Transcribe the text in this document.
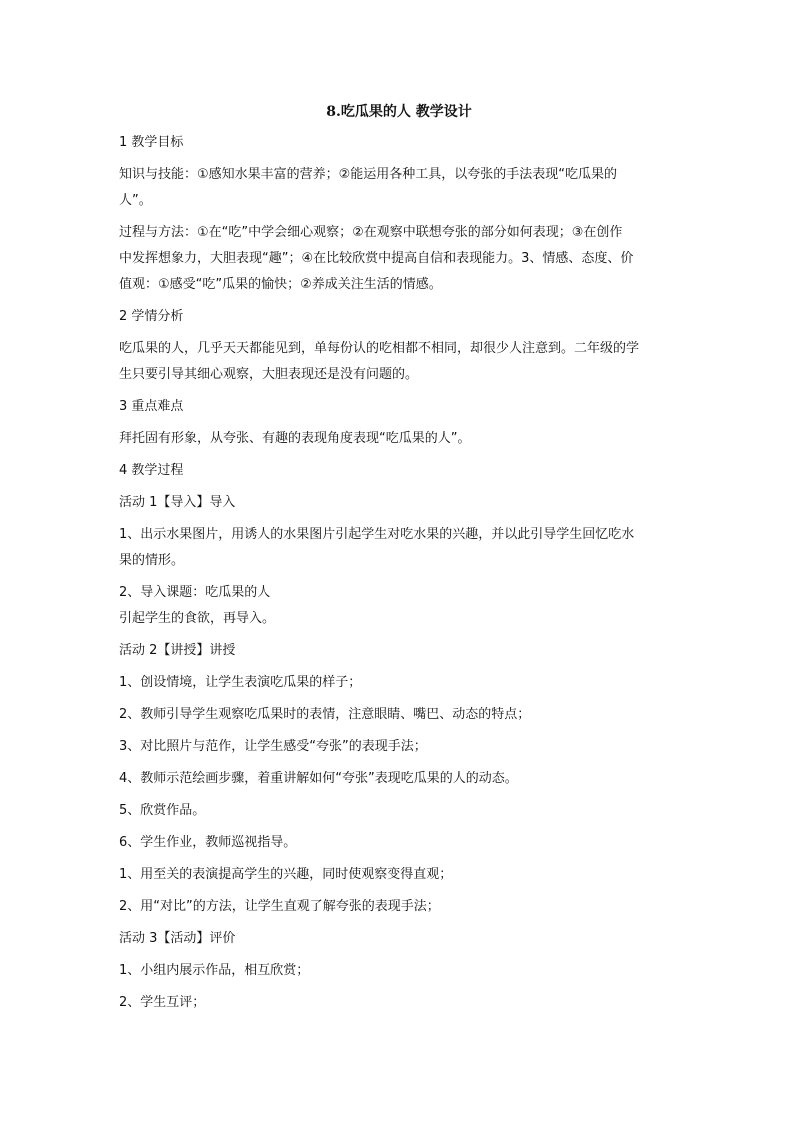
8.吃瓜果的人 教学设计
1 教学目标
知识与技能：①感知水果丰富的营养；②能运用各种工具，以夸张的手法表现“吃瓜果的
人”。
过程与方法：①在“吃”中学会细心观察；②在观察中联想夸张的部分如何表现；③在创作
中发挥想象力，大胆表现“趣”；④在比较欣赏中提高自信和表现能力。3、情感、态度、价
值观：①感受“吃”瓜果的愉快；②养成关注生活的情感。
2 学情分析
吃瓜果的人，几乎天天都能见到，单每份认的吃相都不相同，却很少人注意到。二年级的学
生只要引导其细心观察，大胆表现还是没有问题的。
3 重点难点
拜托固有形象，从夸张、有趣的表现角度表现“吃瓜果的人”。
4 教学过程
活动 1【导入】导入
1、出示水果图片，用诱人的水果图片引起学生对吃水果的兴趣，并以此引导学生回忆吃水
果的情形。
2、导入课题：吃瓜果的人
引起学生的食欲，再导入。
活动 2【讲授】讲授
1、创设情境，让学生表演吃瓜果的样子；
2、教师引导学生观察吃瓜果时的表情，注意眼睛、嘴巴、动态的特点；
3、对比照片与范作，让学生感受“夸张”的表现手法；
4、教师示范绘画步骤，着重讲解如何“夸张”表现吃瓜果的人的动态。
5、欣赏作品。
6、学生作业，教师巡视指导。
1、用至关的表演提高学生的兴趣，同时使观察变得直观；
2、用“对比”的方法，让学生直观了解夸张的表现手法；
活动 3【活动】评价
1、小组内展示作品，相互欣赏；
2、学生互评；
